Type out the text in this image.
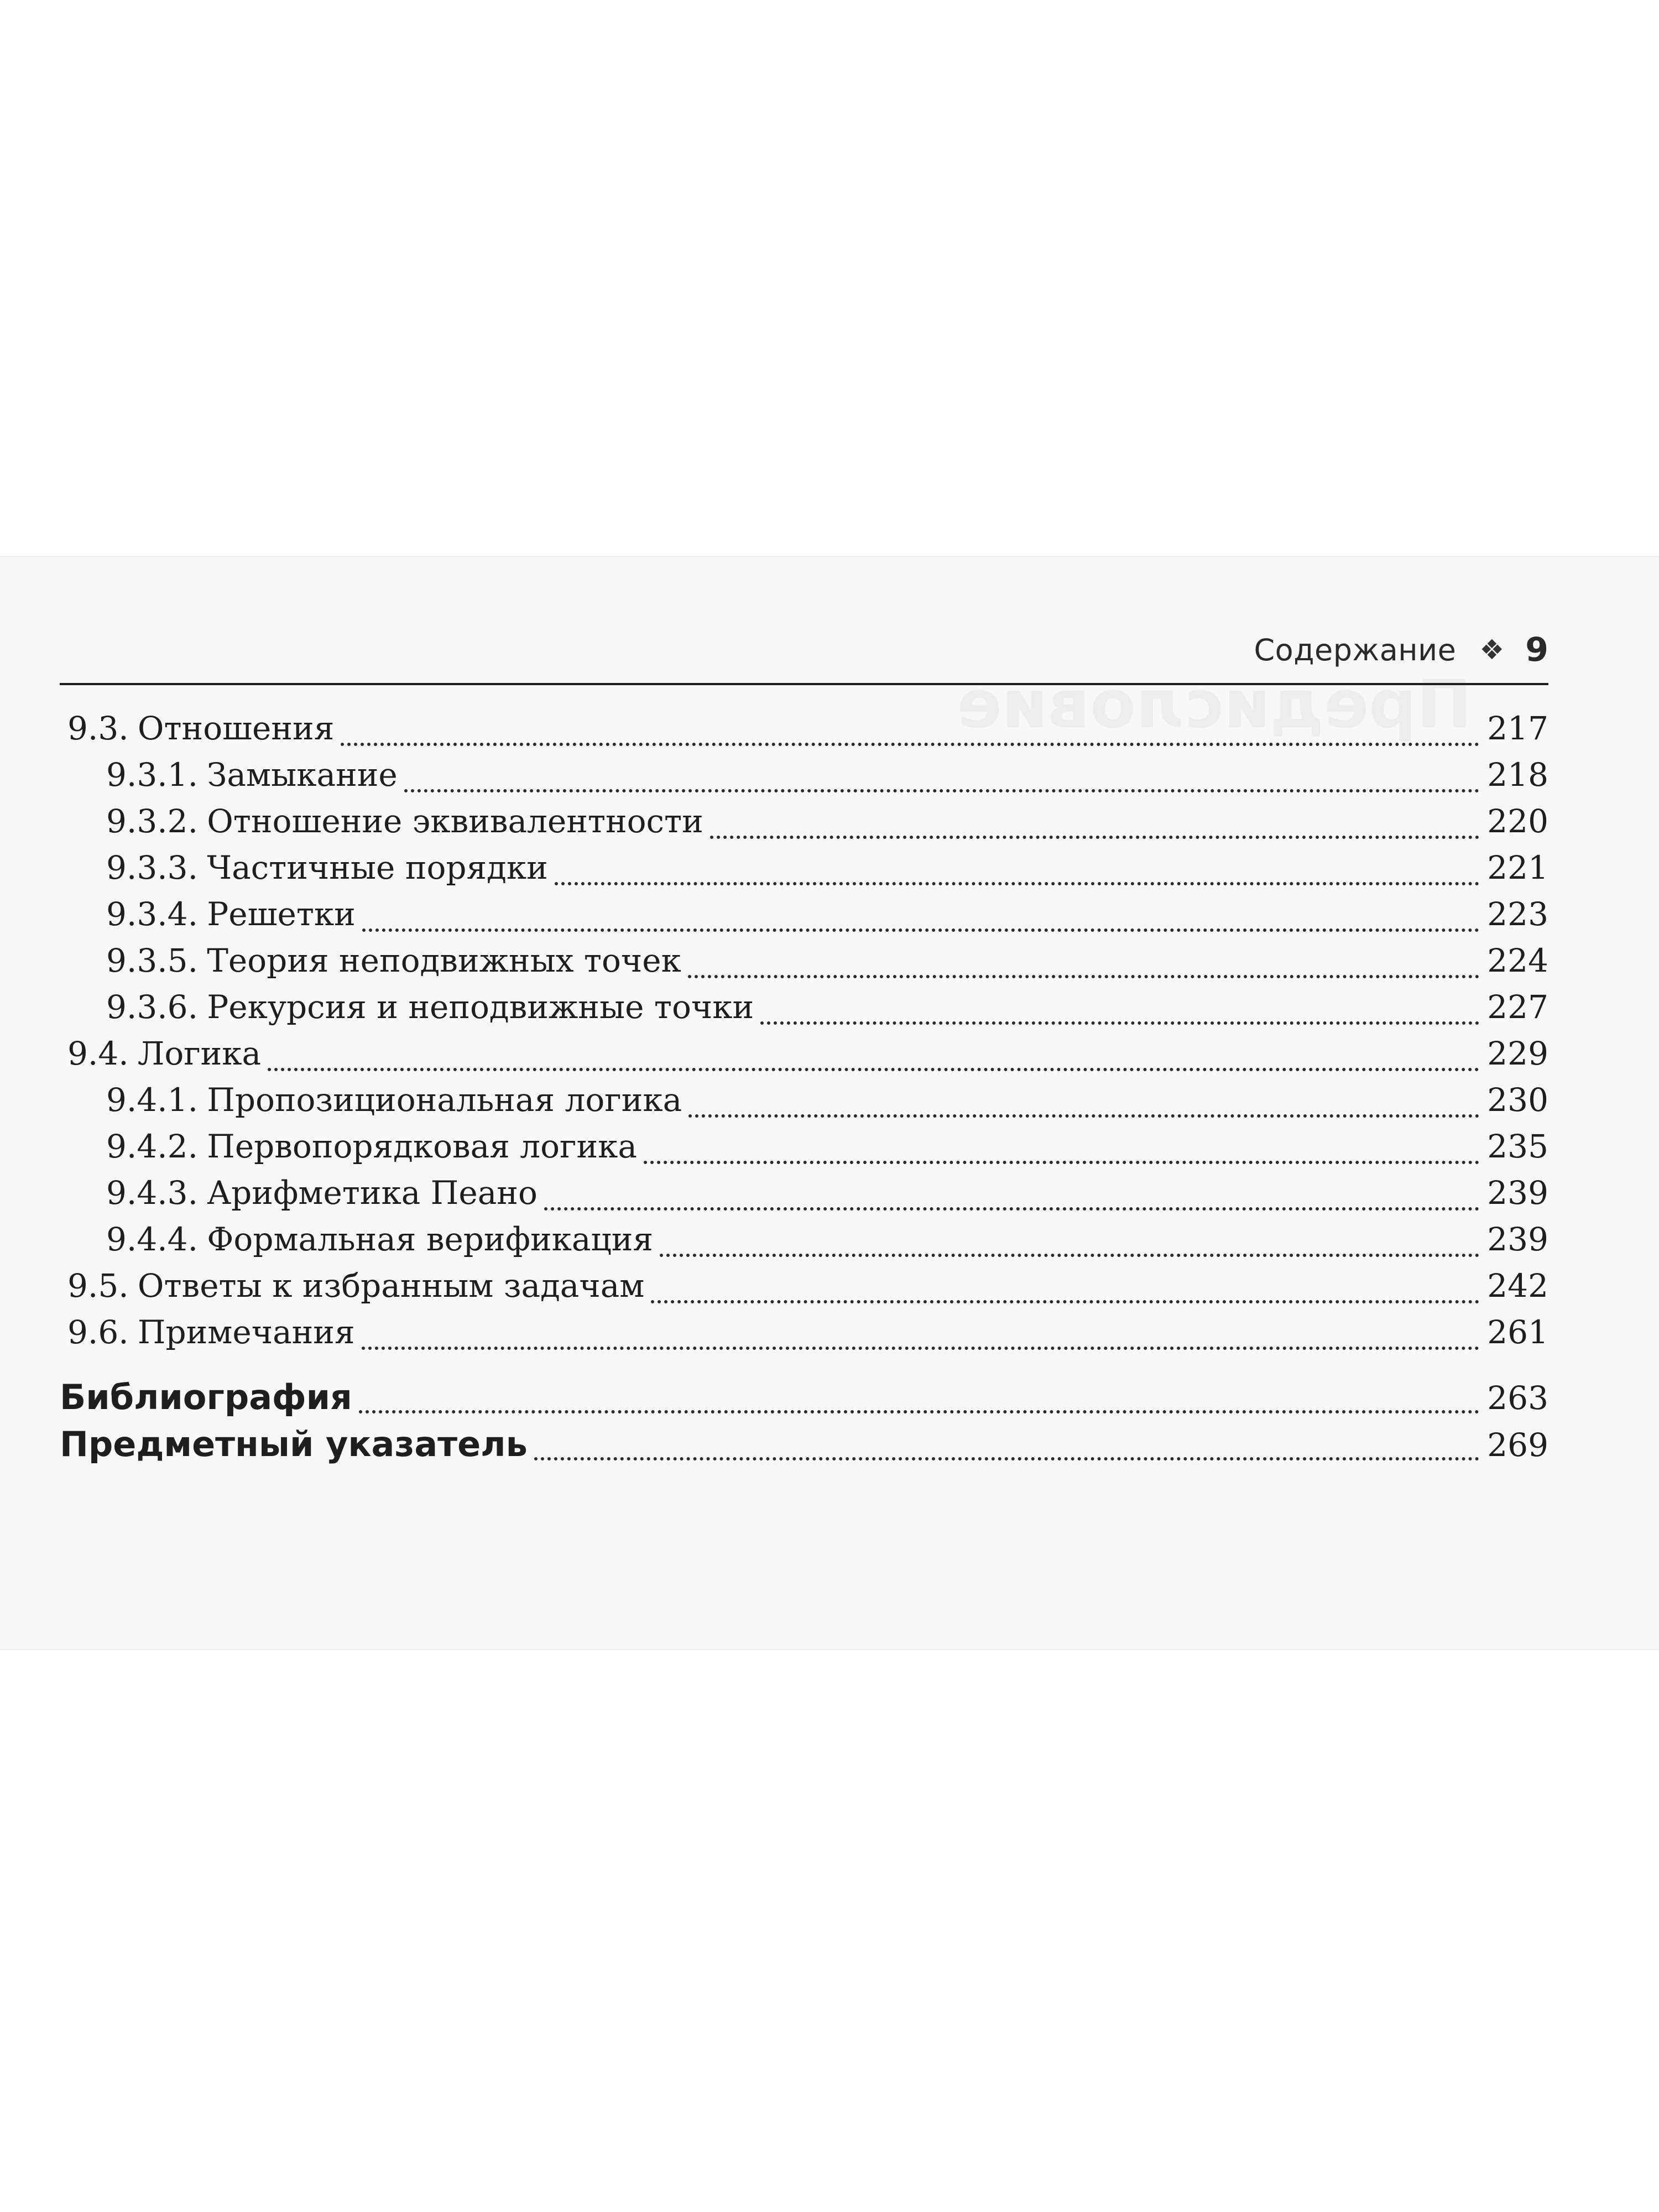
Содержание ❖ 9
9.3. Отношения	217
9.3.1. Замыкание	218
9.3.2. Отношение эквивалентности	220
9.3.3. Частичные порядки	221
9.3.4. Решетки	223
9.3.5. Теория неподвижных точек	224
9.3.6. Рекурсия и неподвижные точки	227
9.4. Логика	229
9.4.1. Пропозициональная логика	230
9.4.2. Первопорядковая логика	235
9.4.3. Арифметика Пеано	239
9.4.4. Формальная верификация	239
9.5. Ответы к избранным задачам	242
9.6. Примечания	261
Библиография	263
Предметный указатель	269
